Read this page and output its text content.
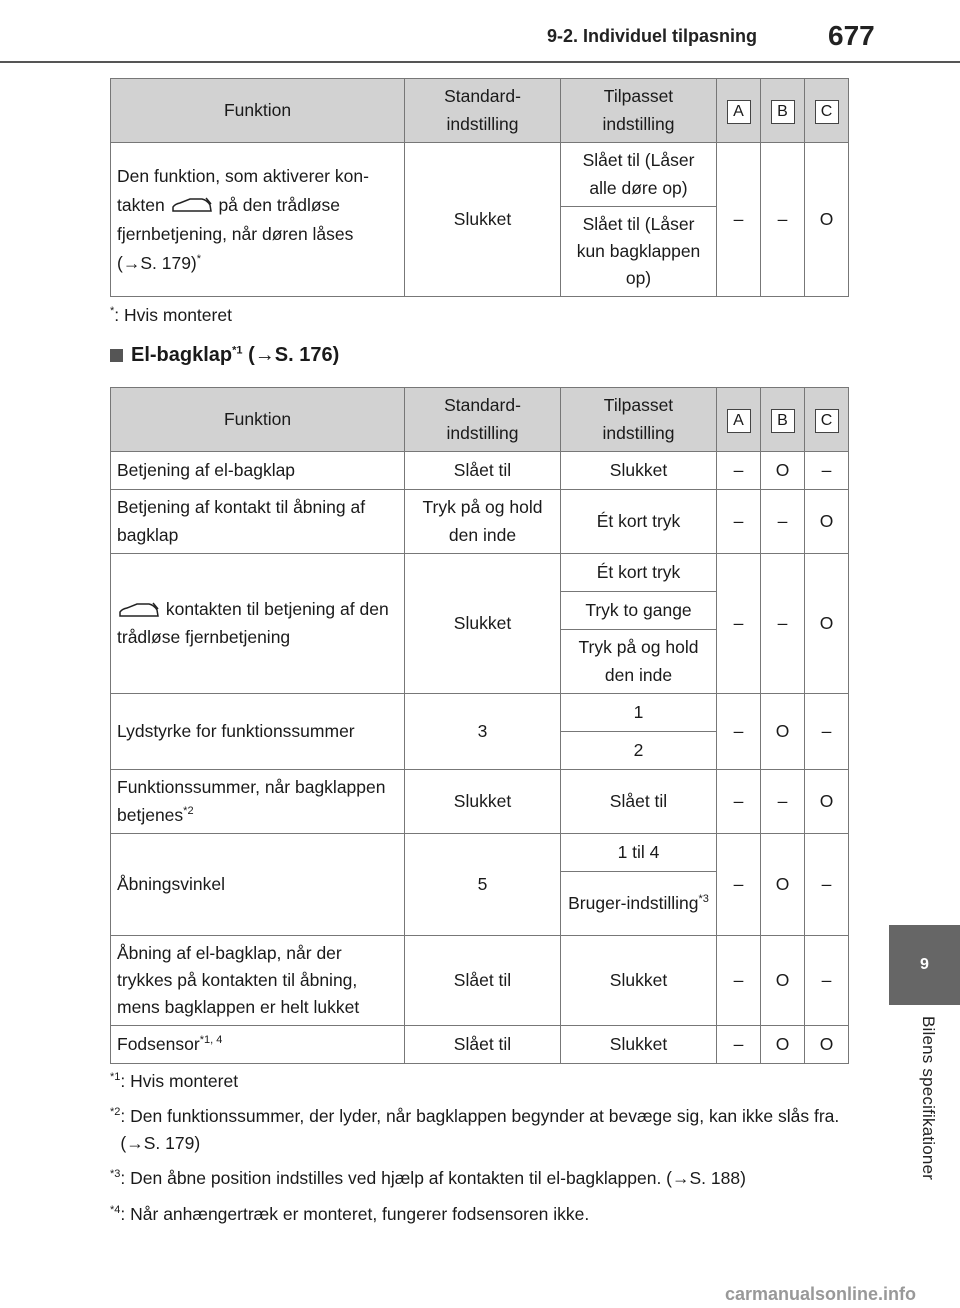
9-2. Individuel tilpasning	677
9
Bilens specifikationer
Funktion	Standard-indstilling	Tilpasset indstilling	A	B	C
Den funktion, som aktiverer kon-takten på den trådløse fjernbetjening, når døren låses (→S. 179)*	Slukket	Slået til (Låser alle døre op)	–	–	O
		Slået til (Låser kun bagklappen op)			
*: Hvis monteret
El-bagklap$^{*1}$ (→S. 176)
Funktion	Standard-indstilling	Tilpasset indstilling	A	B	C
Betjening af el-bagklap	Slået til	Slukket	–	O	–
Betjening af kontakt til åbning af bagklap	Tryk på og hold den inde	Ét kort tryk	–	–	O
kontakten til betjening af den trådløse fjernbetjening	Slukket	Ét kort tryk	–	–	O
		Tryk to gange			
		Tryk på og hold den inde			
Lydstyrke for funktionssummer	3	1	–	O	–
		2			
Funktionssummer, når bagklappen betjenes$^{*2}$	Slukket	Slået til	–	–	O
Åbningsvinkel	5	1 til 4	–	O	–
		Bruger-indstilling$^{*3}$
Åbning af el-bagklap, når der trykkes på kontakten til åbning, mens bagklappen er helt lukket	Slået til	Slukket	–	O	–
Fodsensor$^{*1, 4}$	Slået til	Slukket	–	O	O
$^{*1}$ : Hvis monteret
$^{*2}$ : Den funktionssummer, der lyder, når bagklappen begynder at bevæge sig, kan ikke slås fra. (→S. 179)
$^{*3}$ : Den åbne position indstilles ved hjælp af kontakten til el-bagklappen. (→S. 188)
$^{*4}$ : Når anhængertræk er monteret, fungerer fodsensoren ikke.
carmanualsonline.info
